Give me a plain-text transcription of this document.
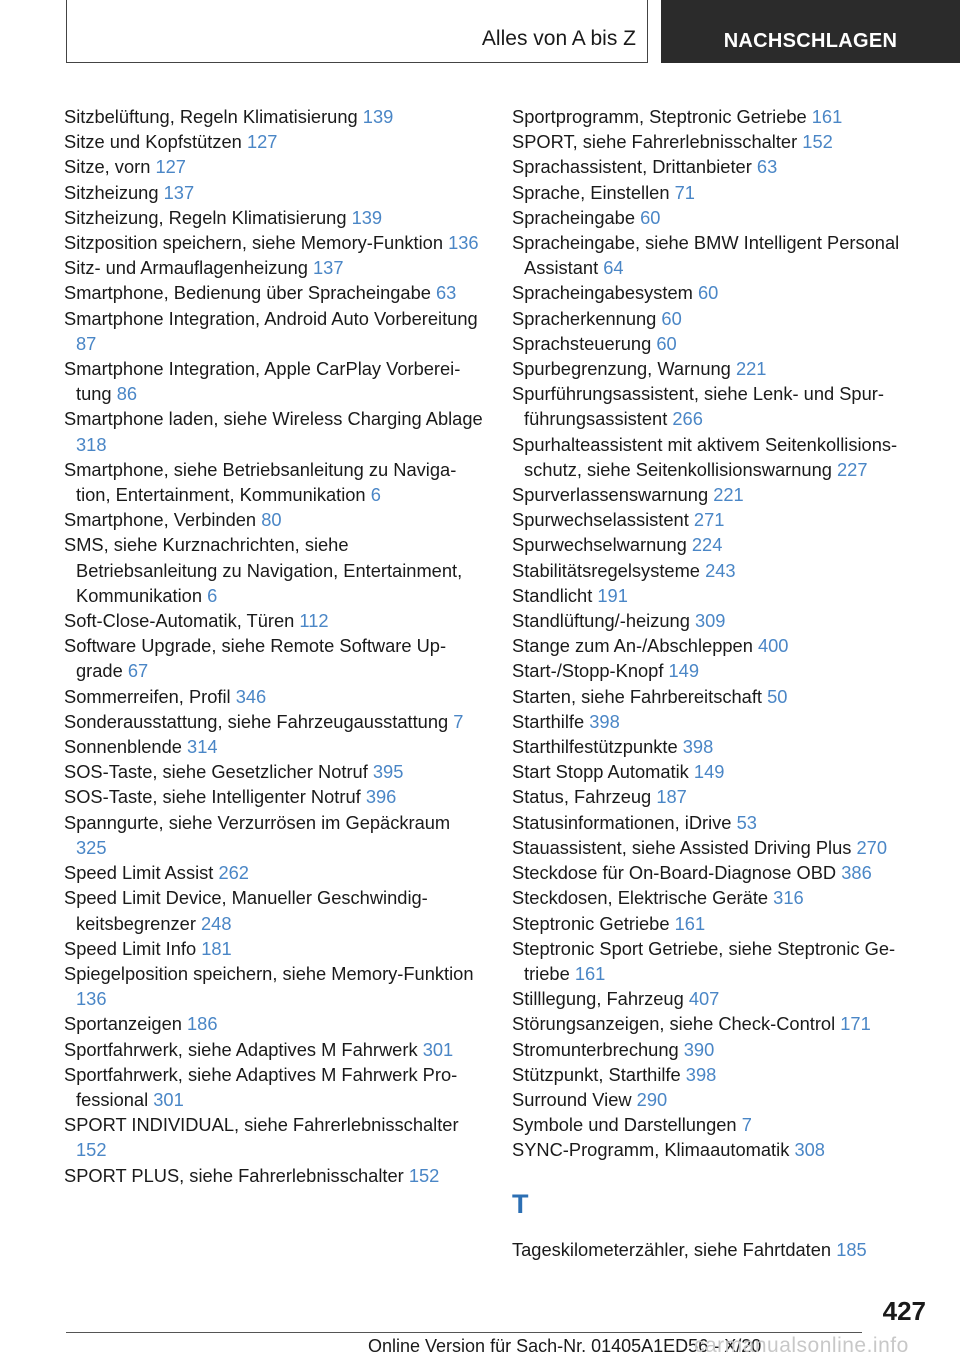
Alles von A bis Z	NACHSCHLAGEN
Sitzbelüftung, Regeln Klimatisierung 139
Sitze und Kopfstützen 127
Sitze, vorn 127
Sitzheizung 137
Sitzheizung, Regeln Klimatisierung 139
Sitzposition speichern, siehe Memory-Funktion 136
Sitz- und Armauflagenheizung 137
Smartphone, Bedienung über Spracheingabe 63
Smartphone Integration, Android Auto Vorbereitung 87
Smartphone Integration, Apple CarPlay Vorbereitung 86
Smartphone laden, siehe Wireless Charging Ablage 318
Smartphone, siehe Betriebsanleitung zu Navigation, Entertainment, Kommunikation 6
Smartphone, Verbinden 80
SMS, siehe Kurznachrichten, siehe Betriebsanleitung zu Navigation, Entertainment, Kommunikation 6
Soft-Close-Automatik, Türen 112
Software Upgrade, siehe Remote Software Upgrade 67
Sommerreifen, Profil 346
Sonderausstattung, siehe Fahrzeugausstattung 7
Sonnenblende 314
SOS-Taste, siehe Gesetzlicher Notruf 395
SOS-Taste, siehe Intelligenter Notruf 396
Spanngurte, siehe Verzurrösen im Gepäckraum 325
Speed Limit Assist 262
Speed Limit Device, Manueller Geschwindigkeitsbegrenzer 248
Speed Limit Info 181
Spiegelposition speichern, siehe Memory-Funktion 136
Sportanzeigen 186
Sportfahrwerk, siehe Adaptives M Fahrwerk 301
Sportfahrwerk, siehe Adaptives M Fahrwerk Professional 301
SPORT INDIVIDUAL, siehe Fahrerlebnisschalter 152
SPORT PLUS, siehe Fahrerlebnisschalter 152
Sportprogramm, Steptronic Getriebe 161
SPORT, siehe Fahrerlebnisschalter 152
Sprachassistent, Drittanbieter 63
Sprache, Einstellen 71
Spracheingabe 60
Spracheingabe, siehe BMW Intelligent Personal Assistant 64
Spracheingabesystem 60
Spracherkennung 60
Sprachsteuerung 60
Spurbegrenzung, Warnung 221
Spurführungsassistent, siehe Lenk- und Spurführungsassistent 266
Spurhalteassistent mit aktivem Seitenkollisionsschutz, siehe Seitenkollisionswarnung 227
Spurverlassenswarnung 221
Spurwechselassistent 271
Spurwechselwarnung 224
Stabilitätsregelsysteme 243
Standlicht 191
Standlüftung/-heizung 309
Stange zum An-/Abschleppen 400
Start-/Stopp-Knopf 149
Starten, siehe Fahrbereitschaft 50
Starthilfe 398
Starthilfestützpunkte 398
Start Stopp Automatik 149
Status, Fahrzeug 187
Statusinformationen, iDrive 53
Stauassistent, siehe Assisted Driving Plus 270
Steckdose für On-Board-Diagnose OBD 386
Steckdosen, Elektrische Geräte 316
Steptronic Getriebe 161
Steptronic Sport Getriebe, siehe Steptronic Getriebe 161
Stilllegung, Fahrzeug 407
Störungsanzeigen, siehe Check-Control 171
Stromunterbrechung 390
Stützpunkt, Starthilfe 398
Surround View 290
Symbole und Darstellungen 7
SYNC-Programm, Klimaautomatik 308
T
Tageskilometerzähler, siehe Fahrtdaten 185
427
Online Version für Sach-Nr. 01405A1ED56 - X/20
carmanualsonline.info
